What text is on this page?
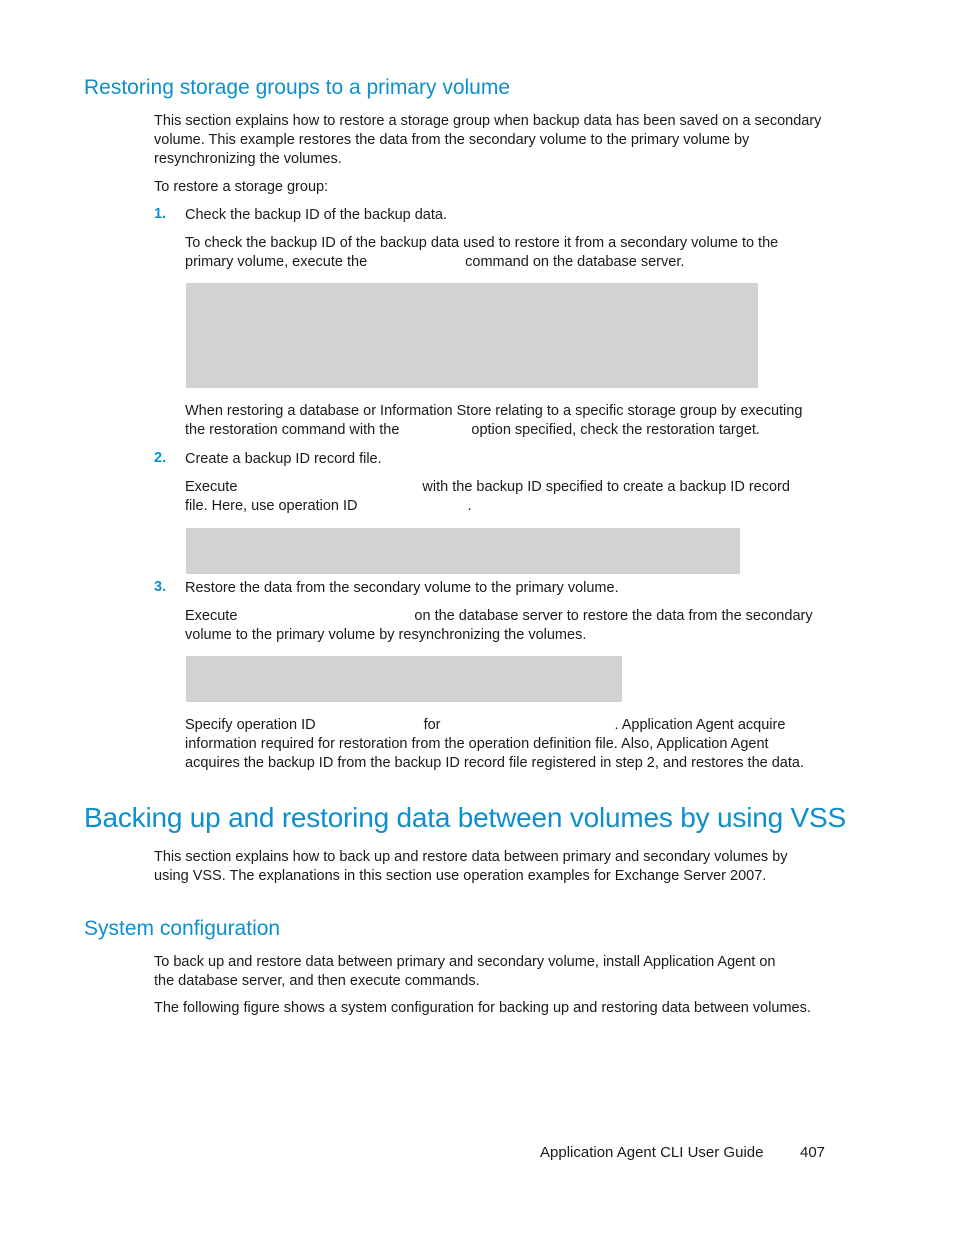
Restoring storage groups to a primary volume
This section explains how to restore a storage group when backup data has been saved on a secondary
volume. This example restores the data from the secondary volume to the primary volume by
resynchronizing the volumes.
To restore a storage group:
1. Check the backup ID of the backup data.
To check the backup ID of the backup data used to restore it from a secondary volume to the
primary volume, execute the	command on the database server.
When restoring a database or Information Store relating to a specific storage group by executing
the restoration command with the	option specified, check the restoration target.
2. Create a backup ID record file.
Execute	with the backup ID specified to create a backup ID record
file. Here, use operation ID	.
3. Restore the data from the secondary volume to the primary volume.
Execute	on the database server to restore the data from the secondary
volume to the primary volume by resynchronizing the volumes.
Specify operation ID	for	. Application Agent acquire
information required for restoration from the operation definition file. Also, Application Agent
acquires the backup ID from the backup ID record file registered in step 2, and restores the data.
Backing up and restoring data between volumes by using VSS
This section explains how to back up and restore data between primary and secondary volumes by
using VSS. The explanations in this section use operation examples for Exchange Server 2007.
System configuration
To back up and restore data between primary and secondary volume, install Application Agent on
the database server, and then execute commands.
The following figure shows a system configuration for backing up and restoring data between volumes.
Application Agent CLI User Guide 407
